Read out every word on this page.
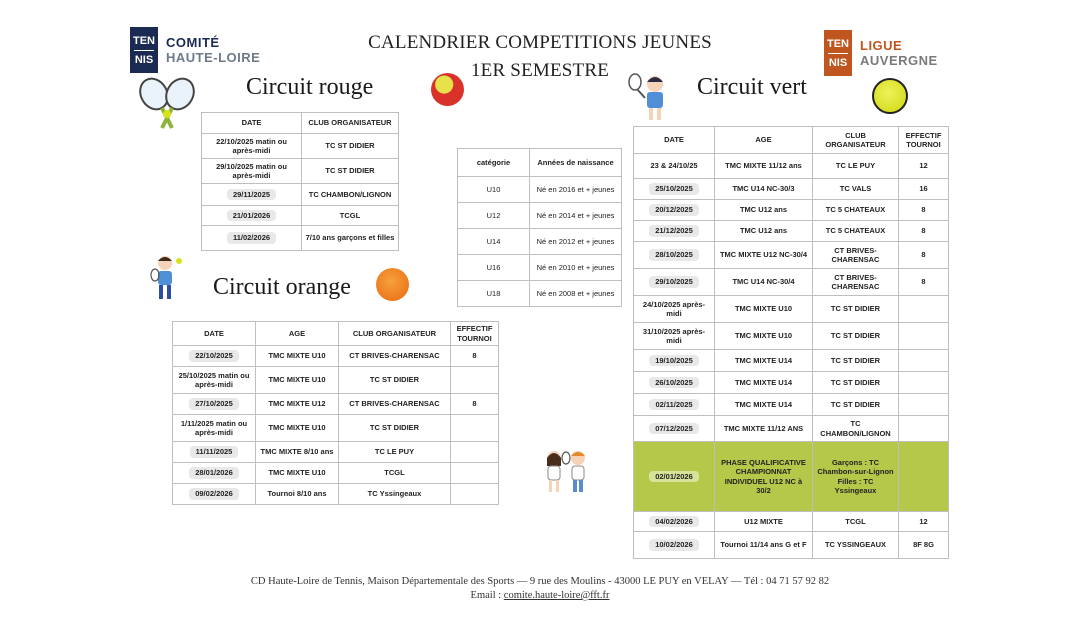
TEN
NIS
COMITÉ
HAUTE-LOIRE
TEN
NIS
LIGUE
AUVERGNE
CALENDRIER COMPETITIONS JEUNES
1ER SEMESTRE
Circuit rouge
DATE	CLUB ORGANISATEUR
22/10/2025 matin ou après-midi	TC ST DIDIER
29/10/2025 matin ou après-midi	TC ST DIDIER
29/11/2025	TC CHAMBON/LIGNON
21/01/2026	TCGL
11/02/2026	7/10 ans garçons et filles
catégorie	Années de naissance
U10	Né en 2016 et + jeunes
U12	Né en 2014 et + jeunes
U14	Né en 2012 et + jeunes
U16	Né en 2010 et + jeunes
U18	Né en 2008 et + jeunes
Circuit orange
DATE	AGE	CLUB ORGANISATEUR	EFFECTIF TOURNOI
22/10/2025	TMC MIXTE U10	CT BRIVES-CHARENSAC	8
25/10/2025 matin ou après-midi	TMC MIXTE U10	TC ST DIDIER	
27/10/2025	TMC MIXTE U12	CT BRIVES-CHARENSAC	8
1/11/2025 matin ou après-midi	TMC MIXTE U10	TC ST DIDIER	
11/11/2025	TMC MIXTE 8/10 ans	TC LE PUY	
28/01/2026	TMC MIXTE U10	TCGL	
09/02/2026	Tournoi 8/10 ans	TC Yssingeaux	
Circuit vert
DATE	AGE	CLUB ORGANISATEUR	EFFECTIF TOURNOI
23 & 24/10/25	TMC MIXTE 11/12 ans	TC LE PUY	12
25/10/2025	TMC U14 NC-30/3	TC VALS	16
20/12/2025	TMC U12 ans	TC 5 CHATEAUX	8
21/12/2025	TMC U12 ans	TC 5 CHATEAUX	8
28/10/2025	TMC MIXTE U12 NC-30/4	CT BRIVES-CHARENSAC	8
29/10/2025	TMC U14 NC-30/4	CT BRIVES-CHARENSAC	8
24/10/2025 après-midi	TMC MIXTE U10	TC ST DIDIER	
31/10/2025 après-midi	TMC MIXTE U10	TC ST DIDIER	
19/10/2025	TMC MIXTE U14	TC ST DIDIER	
26/10/2025	TMC MIXTE U14	TC ST DIDIER	
02/11/2025	TMC MIXTE U14	TC ST DIDIER	
07/12/2025	TMC MIXTE 11/12 ANS	TC CHAMBON/LIGNON	
02/01/2026	PHASE QUALIFICATIVE CHAMPIONNAT INDIVIDUEL U12 NC à 30/2	Garçons : TC Chambon-sur-Lignon Filles : TC Yssingeaux	
04/02/2026	U12 MIXTE	TCGL	12
10/02/2026	Tournoi 11/14 ans G et F	TC YSSINGEAUX	8F 8G
CD Haute-Loire de Tennis, Maison Départementale des Sports — 9 rue des Moulins - 43000 LE PUY en VELAY — Tél : 04 71 57 92 82
Email : comite.haute-loire@fft.fr
